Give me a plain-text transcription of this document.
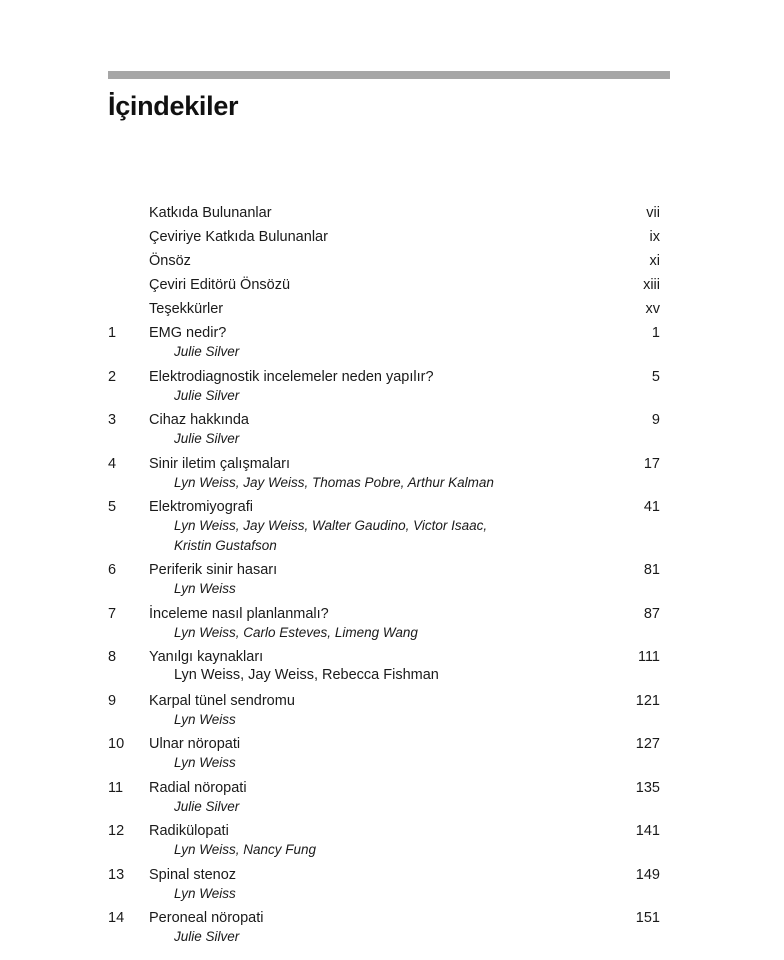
İçindekiler
Katkıda Bulunanlar	vii
Çeviriye Katkıda Bulunanlar	ix
Önsöz	xi
Çeviri Editörü Önsözü	xiii
Teşekkürler	xv
1 EMG nedir?	1
Julie Silver
2 Elektrodiagnostik incelemeler neden yapılır?	5
Julie Silver
3 Cihaz hakkında	9
Julie Silver
4 Sinir iletim çalışmaları	17
Lyn Weiss, Jay Weiss, Thomas Pobre, Arthur Kalman
5 Elektromiyografi	41
Lyn Weiss, Jay Weiss, Walter Gaudino, Victor Isaac,
Kristin Gustafson
6 Periferik sinir hasarı	81
Lyn Weiss
7 İnceleme nasıl planlanmalı?	87
Lyn Weiss, Carlo Esteves, Limeng Wang
8 Yanılgı kaynakları	111
Lyn Weiss, Jay Weiss, Rebecca Fishman
9 Karpal tünel sendromu	121
Lyn Weiss
10 Ulnar nöropati	127
Lyn Weiss
11 Radial nöropati	135
Julie Silver
12 Radikülopati	141
Lyn Weiss, Nancy Fung
13 Spinal stenoz	149
Lyn Weiss
14 Peroneal nöropati	151
Julie Silver
